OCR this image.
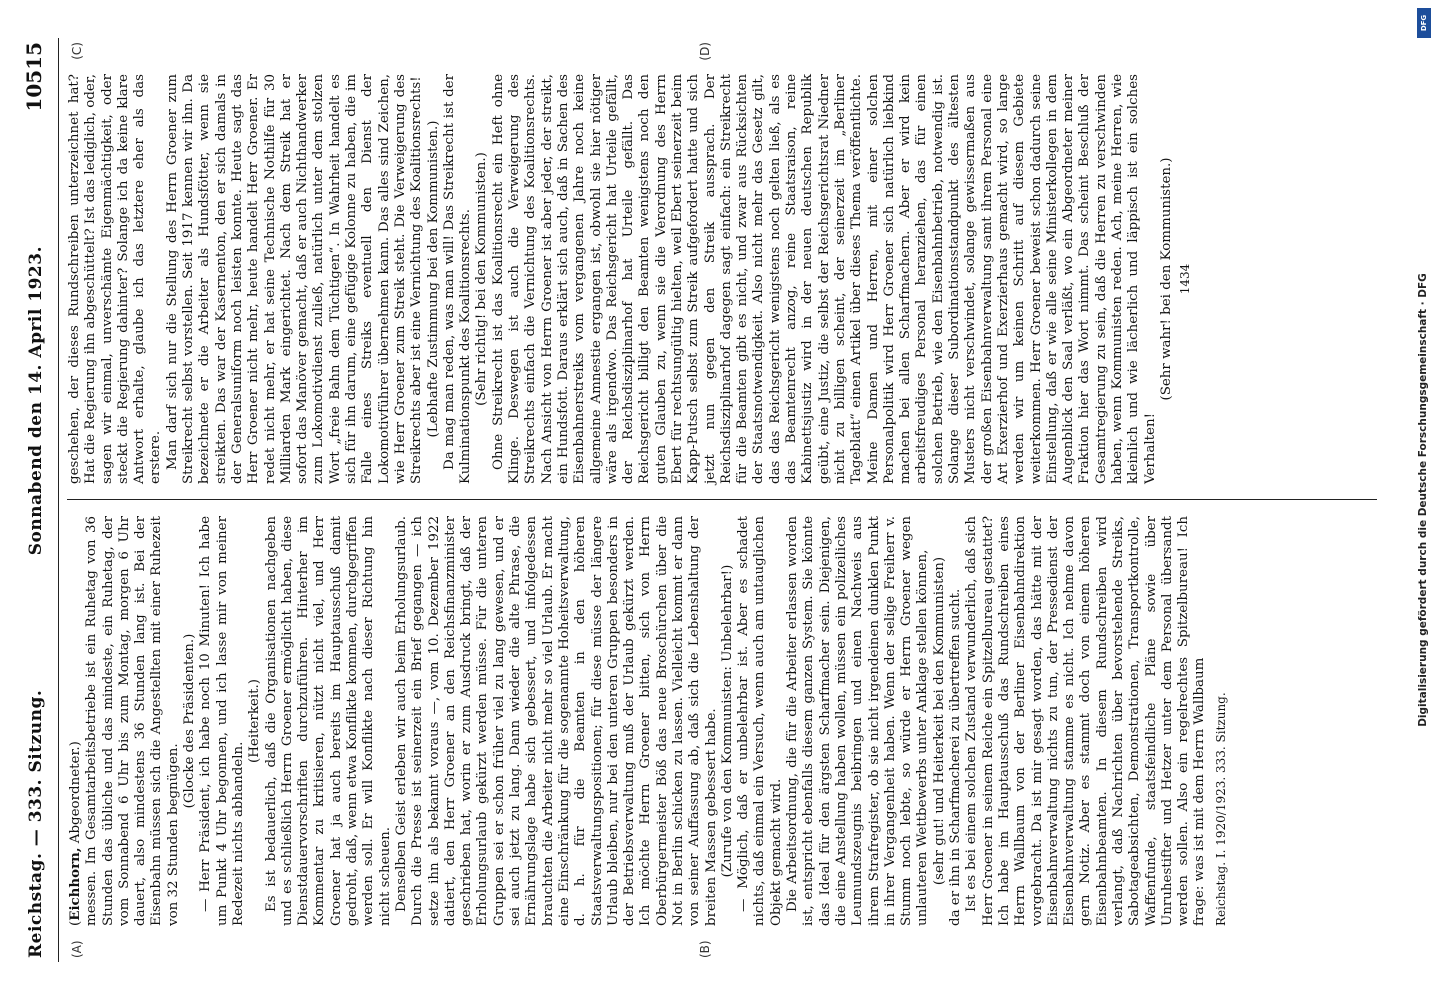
DFG
Digitalisierung gefördert durch die Deutsche Forschungsgemeinschaft · DFG
Reichstag. — 333. Sitzung.
Sonnabend den 14. April 1923.
10515
(A)	(B)

(Eichhorn, Abgeordneter.) messen. Im Gesamtarbeitsbetriebe ist ein Ruhetag von 36 Stunden das übliche und das mindeste, ein Ruhetag, der vom Sonnabend 6 Uhr bis zum Montag, morgen 6 Uhr dauert, also mindestens 36 Stunden lang ist. Bei der Eisenbahn müssen sich die Angestellten mit einer Ruhezeit von 32 Stunden begnügen.

(Glocke des Präsidenten.) — Herr Präsident, ich habe noch 10 Minuten! Ich habe um Punkt 4 Uhr begonnen, und ich lasse mir von meiner Redezeit nichts abhandeln.

(Heiterkeit.) Es ist bedauerlich, daß die Organisationen nachgeben und es schließlich Herrn Groener ermöglicht haben, diese Dienstdauervorschriften durchzuführen. Hinterher im Kommentar zu kritisieren, nützt nicht viel, und Herr Groener hat ja auch bereits im Hauptausschuß damit gedroht, daß, wenn etwa Konflikte kommen, durchgegriffen werden soll. Er will Konflikte nach dieser Richtung hin nicht scheuen. Denselben Geist erleben wir auch beim Erholungsurlaub. Durch die Presse ist seinerzeit ein Brief gegangen — ich setze ihn als bekannt voraus —, vom 10. Dezember 1922 datiert, den Herr Groener an den Reichsfinanzminister geschrieben hat, worin er zum Ausdruck bringt, daß der Erholungsurlaub gekürzt werden müsse. Für die unteren Gruppen sei er schon früher viel zu lang gewesen, und er sei auch jetzt zu lang. Dann wieder die alte Phrase, die Ernährungslage habe sich gebessert, und infolgedessen brauchten die Arbeiter nicht mehr so viel Urlaub. Er macht eine Einschränkung für die sogenannte Hoheitsverwaltung, d. h. für die Beamten in den höheren Staatsverwaltungspositionen; für diese müsse der längere Urlaub bleiben, nur bei den unteren Gruppen besonders in der Betriebsverwaltung muß der Urlaub gekürzt werden. Ich möchte Herrn Groener bitten, sich von Herrn Oberbürgermeister Böß das neue Broschürchen über die Not in Berlin schicken zu lassen. Vielleicht kommt er dann von seiner Auffassung ab, daß sich die Lebenshaltung der breiten Massen gebessert habe. (Zurufe von den Kommunisten: Unbelehrbar!) — Möglich, daß er unbelehrbar ist. Aber es schadet nichts, daß einmal ein Versuch, wenn auch am untauglichen Objekt gemacht wird. Die Arbeitsordnung, die für die Arbeiter erlassen worden ist, entspricht ebenfalls diesem ganzen System. Sie könnte das Ideal für den ärgsten Scharfmacher sein. Diejenigen, die eine Anstellung haben wollen, müssen ein polizeiliches Leumundszeugnis beibringen und einen Nachweis aus ihrem Strafregister, ob sie nicht irgendeinen dunklen Punkt in ihrer Vergangenheit haben. Wenn der selige Freiherr v. Stumm noch lebte, so würde er Herrn Groener wegen unlauteren Wettbewerbs unter Anklage stellen können, (sehr gut! und Heiterkeit bei den Kommunisten) da er ihn in Scharfmacherei zu übertreffen sucht. Ist es bei einem solchen Zustand verwunderlich, daß sich Herr Groener in seinem Reiche ein Spitzelbureau gestattet? Ich habe im Hauptausschuß das Rundschreiben eines Herrn Wallbaum von der Berliner Eisenbahndirektion vorgebracht. Da ist mir gesagt worden, das hätte mit der Eisenbahnverwaltung nichts zu tun, der Pressedienst der Eisenbahnverwaltung stamme es nicht. Ich nehme davon gern Notiz. Aber es stammt doch von einem höheren Eisenbahnbeamten. In diesem Rundschreiben wird verlangt, daß Nachrichten über bevorstehende Streiks, Sabotageabsichten, Demonstrationen, Transportkontrolle, Waffenfunde, staatsfeindliche Pläne sowie über Unruhestifter und Hetzer unter dem Personal übersandt werden sollen. Also ein regelrechtes Spitzelbureau! Ich frage: was ist mit dem Herrn Wallbaum Reichstag. I. 1920/1923. 333. Sitzung.

(C)	(D)

geschehen, der dieses Rundschreiben unterzeichnet hat? Hat die Regierung ihn abgeschüttelt? Ist das lediglich, oder, sagen wir einmal, unverschämte Eigenmächtigkeit, oder steckt die Regierung dahinter? Solange ich da keine klare Antwort erhalte, glaube ich das letztere eher als das erstere. Man darf sich nur die Stellung des Herrn Groener zum Streikrecht selbst vorstellen. Seit 1917 kennen wir ihn. Da bezeichnete er die Arbeiter als Hundsfötter, wenn sie streikten. Das war der Kasernenton, den er sich damals in der Generalsuniform noch leisten konnte. Heute sagt das Herr Groener nicht mehr, heute handelt Herr Groener. Er redet nicht mehr, er hat seine Technische Nothilfe für 30 Milliarden Mark eingerichtet. Nach dem Streik hat er sofort das Manöver gemacht, daß er auch Nichthandwerker zum Lokomotivdienst zuließ, natürlich unter dem stolzen Wort „freie Bahn dem Tüchtigen“. In Wahrheit handelt es sich für ihn darum, eine gefügige Kolonne zu haben, die im Falle eines Streiks eventuell den Dienst der Lokomotivführer übernehmen kann. Das alles sind Zeichen, wie Herr Groener zum Streik steht. Die Verweigerung des Streikrechts aber ist eine Vernichtung des Koalitionsrechts! (Lebhafte Zustimmung bei den Kommunisten.) Da mag man reden, was man will! Das Streikrecht ist der Kulminationspunkt des Koalitionsrechts. (Sehr richtig! bei den Kommunisten.) Ohne Streikrecht ist das Koalitionsrecht ein Heft ohne Klinge. Deswegen ist auch die Verweigerung des Streikrechts einfach die Vernichtung des Koalitionsrechts. Nach Ansicht von Herrn Groener ist aber jeder, der streikt, ein Hundsfott. Daraus erklärt sich auch, daß in Sachen des Eisenbahnerstreiks vom vergangenen Jahre noch keine allgemeine Amnestie ergangen ist, obwohl sie hier nötiger wäre als irgendwo. Das Reichsgericht hat Urteile gefällt, der Reichsdisziplinarhof hat Urteile gefällt. Das Reichsgericht billigt den Beamten wenigstens noch den guten Glauben zu, wenn sie die Verordnung des Herrn Ebert für rechtsungültig hielten, weil Ebert seinerzeit beim Kapp-Putsch selbst zum Streik aufgefordert hatte und sich jetzt nun gegen den Streik aussprach. Der Reichsdisziplinarhof dagegen sagt einfach: ein Streikrecht für die Beamten gibt es nicht, und zwar aus Rücksichten der Staatsnotwendigkeit. Also nicht mehr das Gesetz gilt, das das Reichsgericht wenigstens noch gelten ließ, als es das Beamtenrecht anzog, reine Staatsraison, reine Kabinettsjustiz wird in der neuen deutschen Republik geübt, eine Justiz, die selbst der Reichsgerichtsrat Niedner nicht zu billigen scheint, der seinerzeit im „Berliner Tageblatt“ einen Artikel über dieses Thema veröffentlichte. Meine Damen und Herren, mit einer solchen Personalpolitik wird Herr Groener sich natürlich liebkind machen bei allen Scharfmachern. Aber er wird kein arbeitsfreudiges Personal heranziehen, das für einen solchen Betrieb, wie den Eisenbahnbetrieb, notwendig ist. Solange dieser Subordinationsstandpunkt des ältesten Musters nicht verschwindet, solange gewissermaßen aus der großen Eisenbahnverwaltung samt ihrem Personal eine Art Exerzierhof und Exerzierhaus gemacht wird, so lange werden wir um keinen Schritt auf diesem Gebiete weiterkommen. Herr Groener beweist schon dadurch seine Einstellung, daß er wie alle seine Ministerkollegen in dem Augenblick den Saal verläßt, wo ein Abgeordneter meiner Fraktion hier das Wort nimmt. Das scheint Beschluß der Gesamtregierung zu sein, daß die Herren zu verschwinden haben, wenn Kommunisten reden. Ach, meine Herren, wie kleinlich und wie lächerlich und läppisch ist ein solches Verhalten!

(Sehr wahr! bei den Kommunisten.) 1434
